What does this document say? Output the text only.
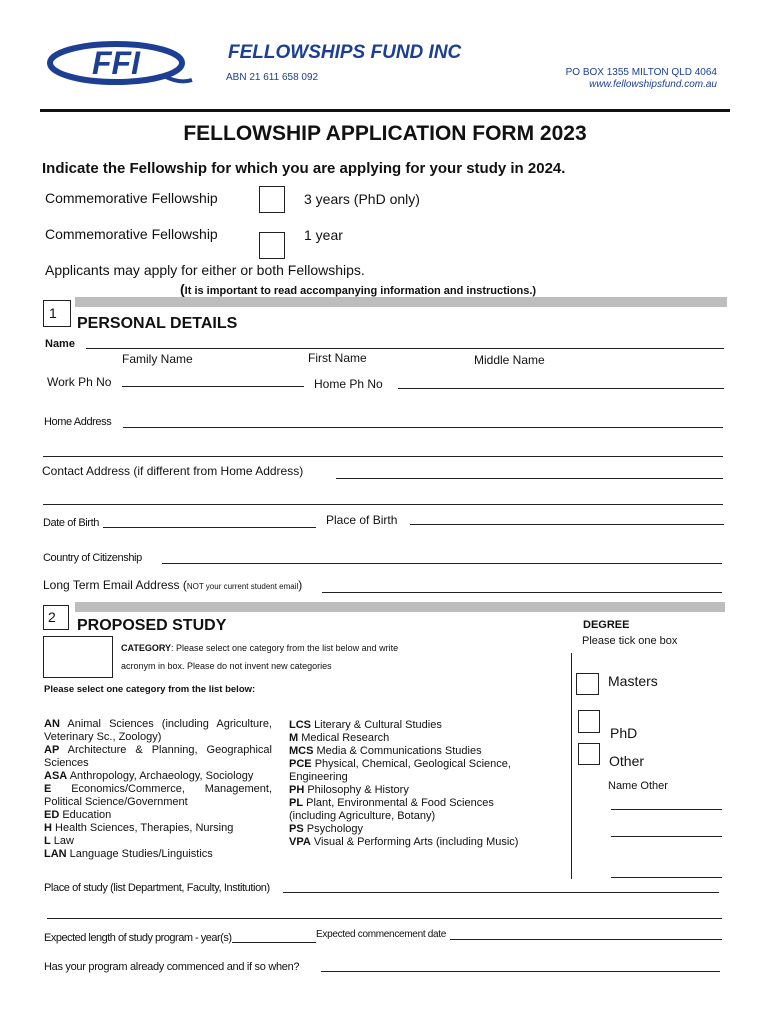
FFI	FELLOWSHIPS FUND INC
ABN 21 611 658 092	PO BOX 1355 MILTON QLD 4064
www.fellowshipsfund.com.au
FELLOWSHIP APPLICATION FORM 2023
Indicate the Fellowship for which you are applying for your study in 2024.
Commemorative Fellowship	3 years (PhD only)
Commemorative Fellowship	1 year
Applicants may apply for either or both Fellowships.
(It is important to read accompanying information and instructions.)
1
PERSONAL DETAILS
Name
Family Name	First Name	Middle Name
Work Ph No	Home Ph No
Home Address
Contact Address (if different from Home Address)
Date of Birth	Place of Birth
Country of Citizenship
Long Term Email Address (NOT your current student email)
2 PROPOSED STUDY
CATEGORY: Please select one category from the list below and write
acronym in box. Please do not invent new categories
Please select one category from the list below:

AN Animal Sciences (including Agriculture, Veterinary Sc., Zoology)

AP Architecture & Planning, Geographical Sciences

ASA Anthropology, Archaeology, Sociology

E Economics/Commerce, Management, Political Science/Government

ED Education

H Health Sciences, Therapies, Nursing

L Law

LAN Language Studies/Linguistics

LCS Literary & Cultural Studies

M Medical Research

MCS Media & Communications Studies

PCE Physical, Chemical, Geological Science, Engineering

PH Philosophy & History

PL Plant, Environmental & Food Sciences (including Agriculture, Botany)

PS Psychology

VPA Visual & Performing Arts (including Music)

DEGREE
Please tick one box
Masters
PhD
Other
Name Other
Place of study (list Department, Faculty, Institution)
Expected length of study program - year(s)	Expected commencement date
Has your program already commenced and if so when?
